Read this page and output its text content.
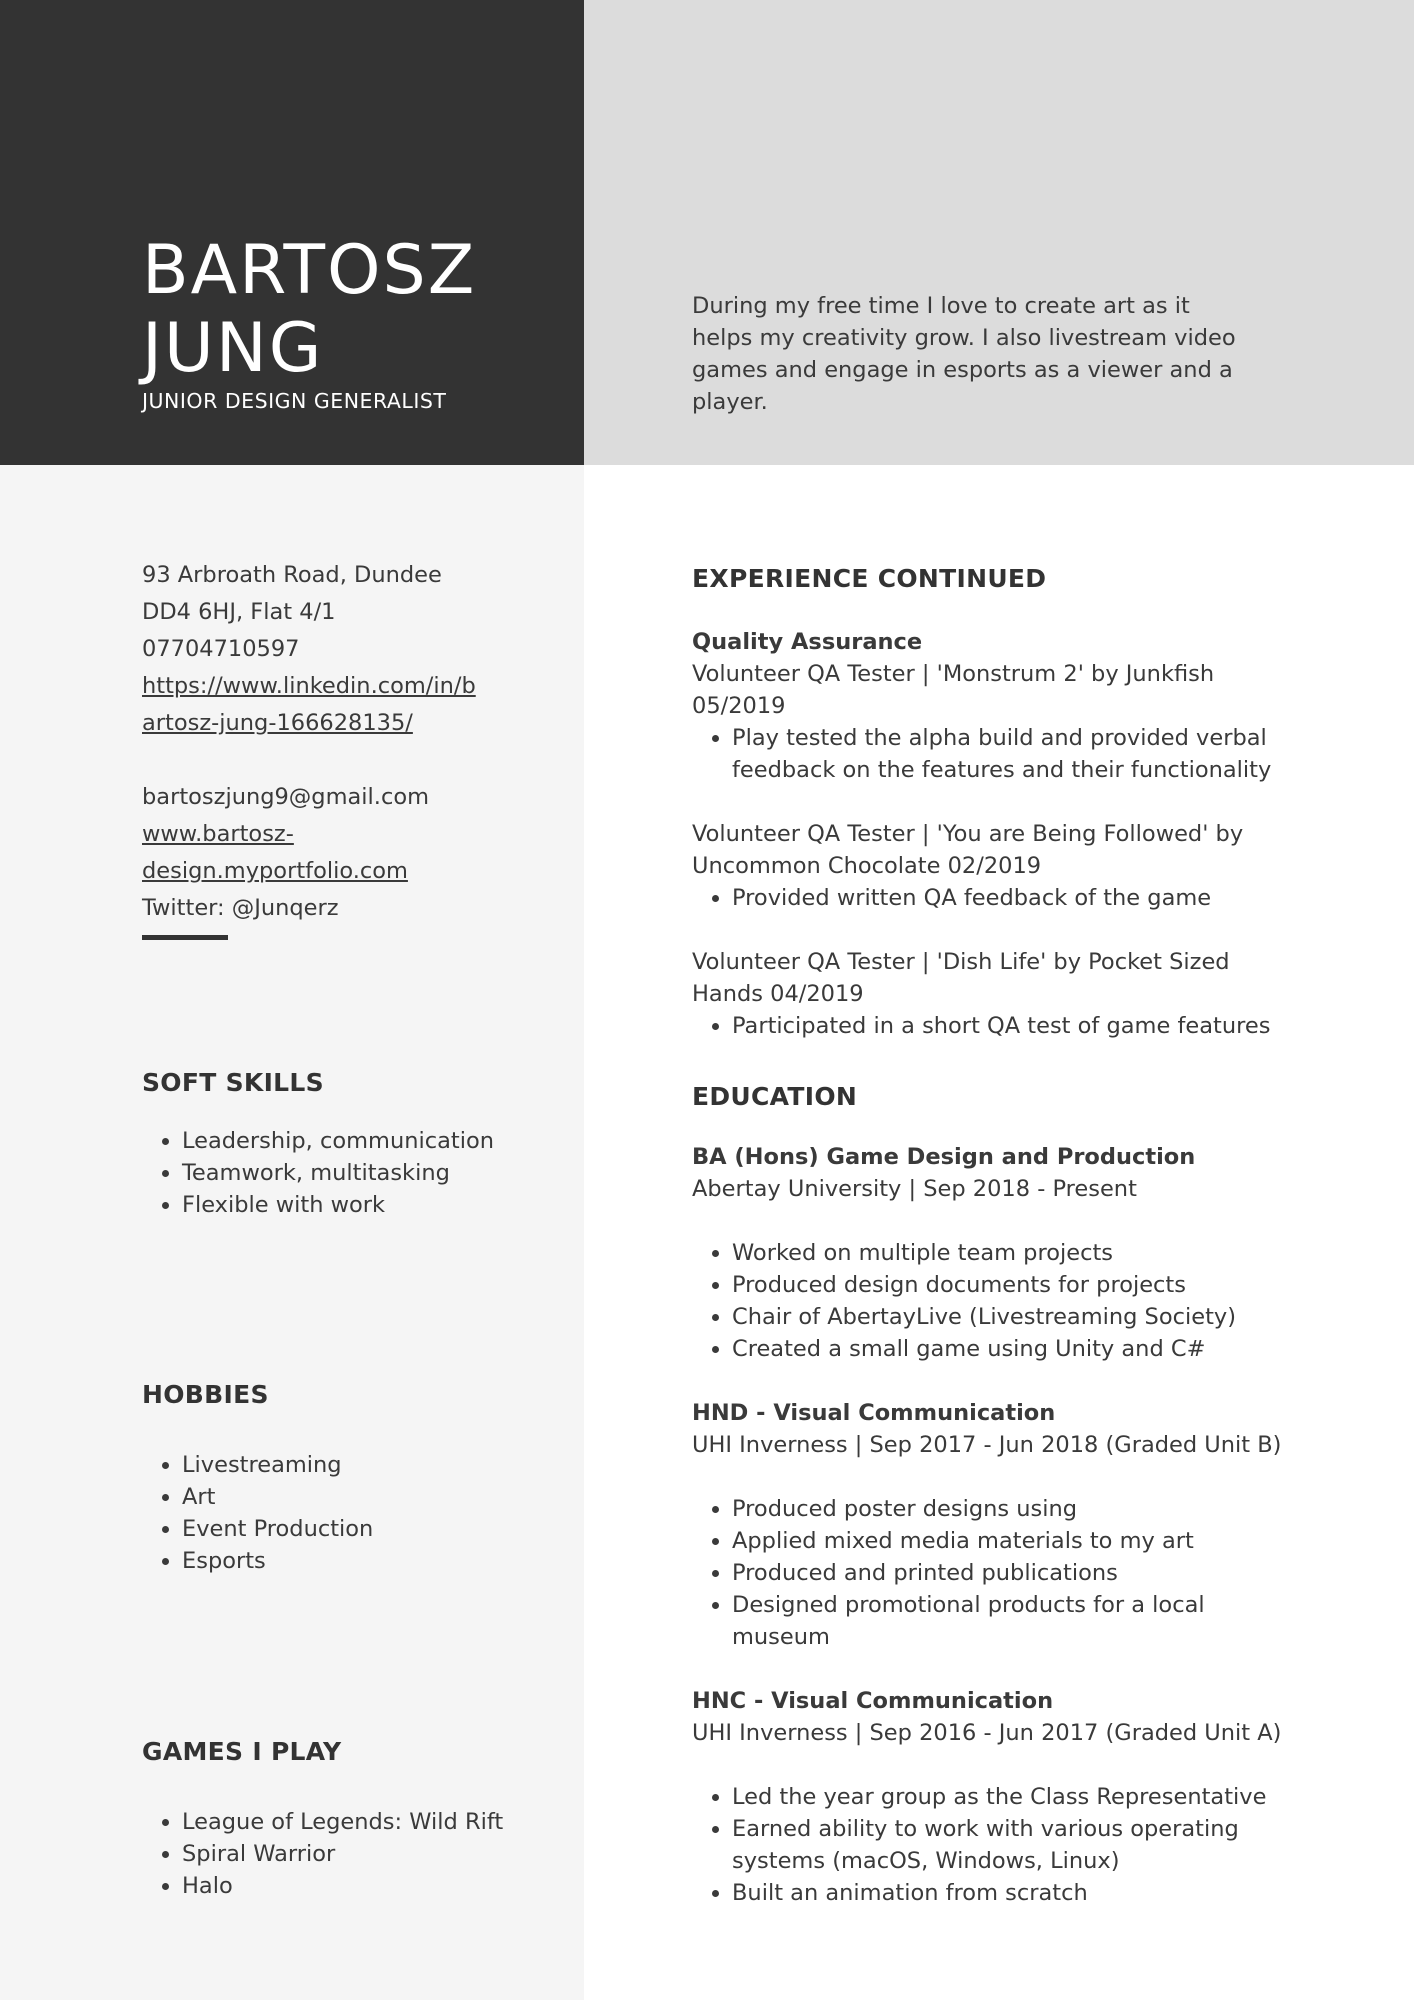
BARTOSZ
JUNG
JUNIOR DESIGN GENERALIST
During my free time I love to create art as it helps my creativity grow. I also livestream video games and engage in esports as a viewer and a player.
93 Arbroath Road, Dundee
DD4 6HJ, Flat 4/1
07704710597
https://www.linkedin.com/in/b
artosz-jung-166628135/
bartoszjung9@gmail.com
www.bartosz-
design.myportfolio.com
Twitter: @Junqerz
SOFT SKILLS
• Leadership, communication
• Teamwork, multitasking
• Flexible with work
HOBBIES
• Livestreaming
• Art
• Event Production
• Esports
GAMES I PLAY
• League of Legends: Wild Rift
• Spiral Warrior
• Halo
EXPERIENCE CONTINUED
Quality Assurance
Volunteer QA Tester | 'Monstrum 2' by Junkfish
05/2019
• Play tested the alpha build and provided verbal feedback on the features and their functionality
Volunteer QA Tester | 'You are Being Followed' by
Uncommon Chocolate 02/2019
• Provided written QA feedback of the game
Volunteer QA Tester | 'Dish Life' by Pocket Sized
Hands 04/2019
• Participated in a short QA test of game features
EDUCATION
BA (Hons) Game Design and Production
Abertay University | Sep 2018 - Present
• Worked on multiple team projects
• Produced design documents for projects
• Chair of AbertayLive (Livestreaming Society)
• Created a small game using Unity and C#
HND - Visual Communication
UHI Inverness | Sep 2017 - Jun 2018 (Graded Unit B)
• Produced poster designs using
• Applied mixed media materials to my art
• Produced and printed publications
• Designed promotional products for a local museum
HNC - Visual Communication
UHI Inverness | Sep 2016 - Jun 2017 (Graded Unit A)
• Led the year group as the Class Representative
• Earned ability to work with various operating systems (macOS, Windows, Linux)
• Built an animation from scratch
